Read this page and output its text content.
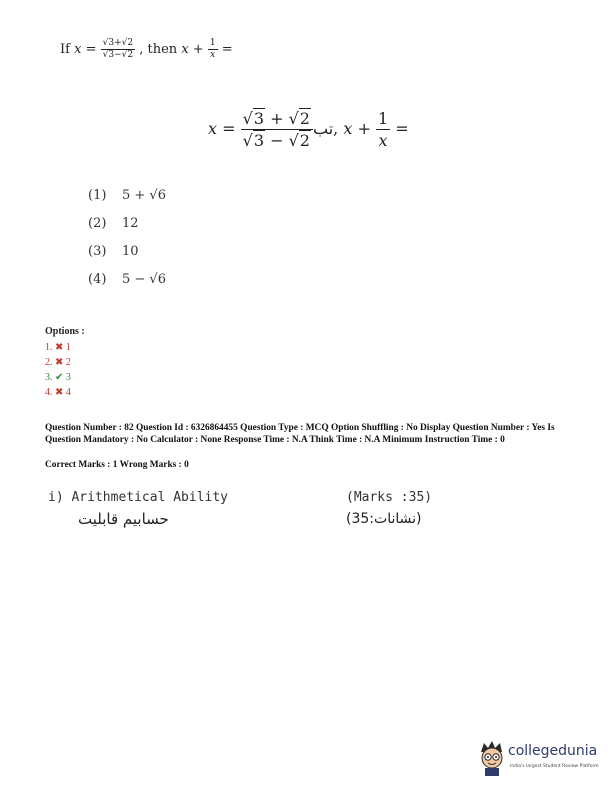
If $x = \frac{√3+√2}{√3-√2}$ , then $x + \frac{1}{x}$ =
$x = \frac{√3 + √2}{√3 - √2}$ تب, $x + \frac{1}{x}$ =
(1) 5 + √6
(2) 12
(3) 10
(4) 5 − √6
Options :
1. ✖ 1
2. ✖ 2
3. ✔ 3
4. ✖ 4
Question Number : 82 Question Id : 6326864455 Question Type : MCQ Option Shuffling : No Display Question Number : Yes Is Question Mandatory : No Calculator : None Response Time : N.A Think Time : N.A Minimum Instruction Time : 0
Correct Marks : 1 Wrong Marks : 0
i) Arithmetical Ability	(Marks :35)
حسابیم قابلیت	(نشانات:35)
collegedunia
India's largest Student Review Platform
